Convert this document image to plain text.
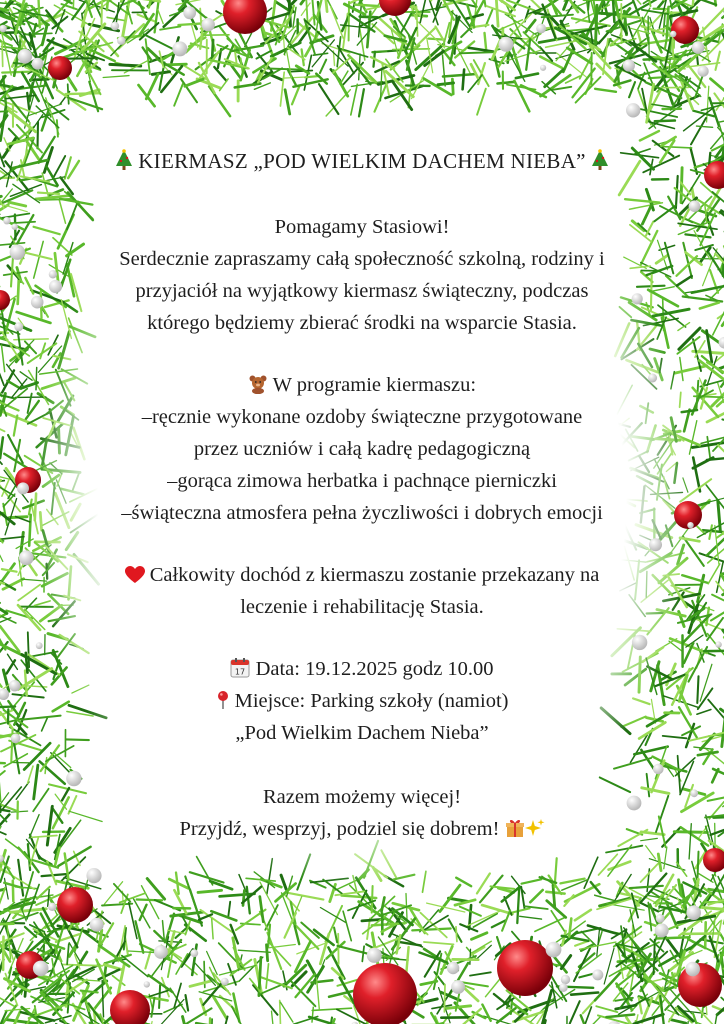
KIERMASZ „POD WIELKIM DACHEM NIEBA”
Pomagamy Stasiowi!
Serdecznie zapraszamy całą społeczność szkolną, rodziny i
przyjaciół na wyjątkowy kiermasz świąteczny, podczas
którego będziemy zbierać środki na wsparcie Stasia.
W programie kiermaszu:
–ręcznie wykonane ozdoby świąteczne przygotowane
przez uczniów i całą kadrę pedagogiczną
–gorąca zimowa herbatka i pachnące pierniczki
–świąteczna atmosfera pełna życzliwości i dobrych emocji
Całkowity dochód z kiermaszu zostanie przekazany na
leczenie i rehabilitację Stasia.
17 Data: 19.12.2025 godz 10.00
Miejsce: Parking szkoły (namiot)
„Pod Wielkim Dachem Nieba”
Razem możemy więcej!
Przyjdź, wesprzyj, podziel się dobrem!
